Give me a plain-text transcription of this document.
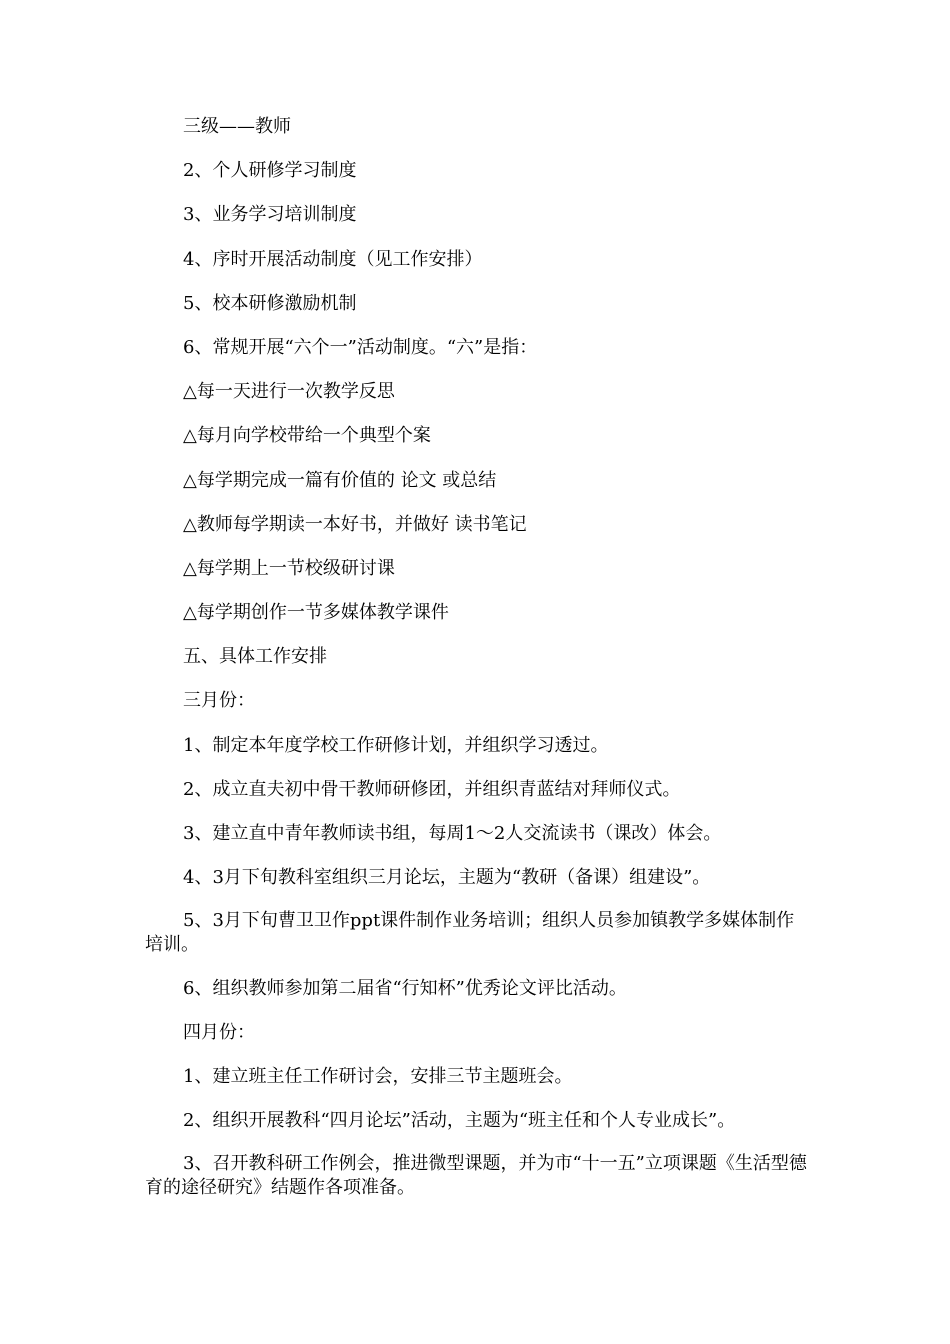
三级——教师

2、个人研修学习制度

3、业务学习培训制度

4、序时开展活动制度（见工作安排）

5、校本研修激励机制

6、常规开展“六个一”活动制度。“六”是指：

△每一天进行一次教学反思

△每月向学校带给一个典型个案

△每学期完成一篇有价值的 论文 或总结

△教师每学期读一本好书，并做好 读书笔记

△每学期上一节校级研讨课

△每学期创作一节多媒体教学课件

五、具体工作安排

三月份：

1、制定本年度学校工作研修计划，并组织学习透过。

2、成立直夫初中骨干教师研修团，并组织青蓝结对拜师仪式。

3、建立直中青年教师读书组，每周1～2人交流读书（课改）体会。

4、3月下旬教科室组织三月论坛，主题为“教研（备课）组建设”。

5、3月下旬曹卫卫作ppt课件制作业务培训；组织人员参加镇教学多媒体制作培训。

6、组织教师参加第二届省“行知杯”优秀论文评比活动。

四月份：

1、建立班主任工作研讨会，安排三节主题班会。

2、组织开展教科“四月论坛”活动，主题为“班主任和个人专业成长”。

3、召开教科研工作例会，推进微型课题，并为市“十一五”立项课题《生活型德育的途径研究》结题作各项准备。
